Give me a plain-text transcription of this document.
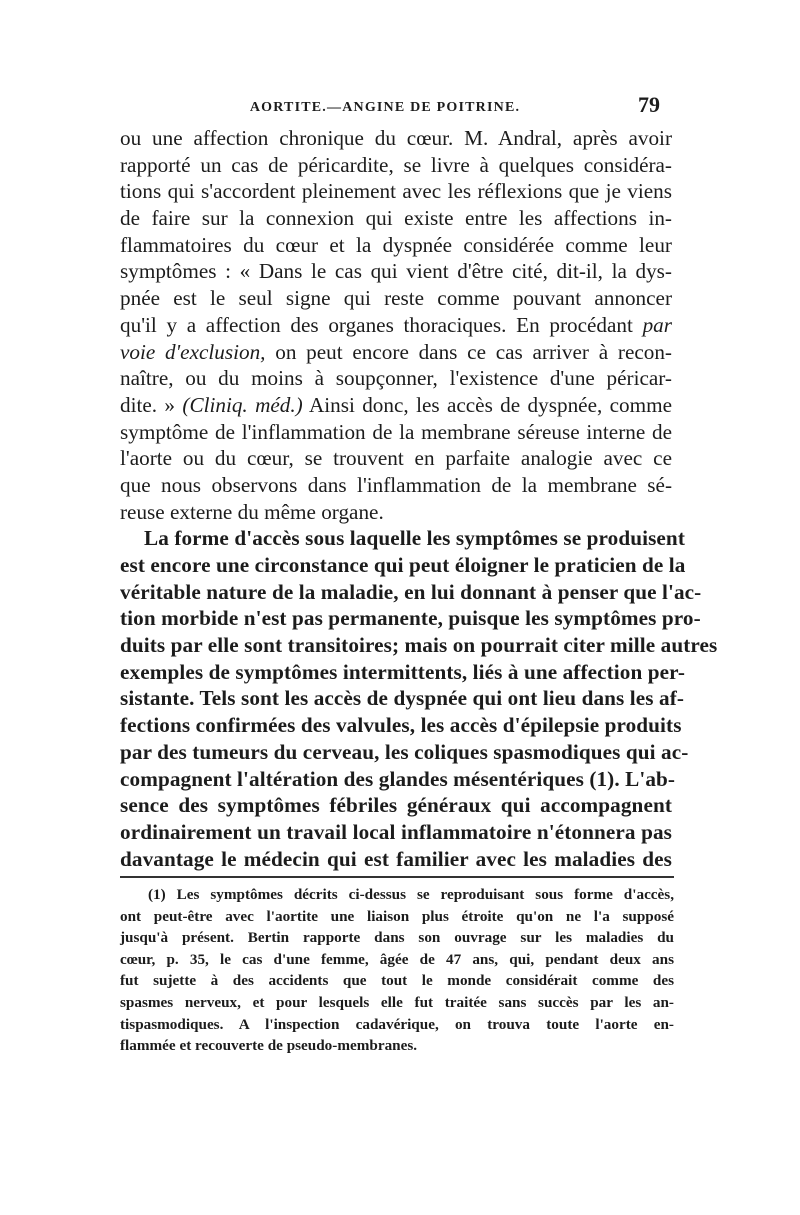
AORTITE.—ANGINE DE POITRINE.	79
ou une affection chronique du cœur. M. Andral, après avoir
rapporté un cas de péricardite, se livre à quelques considéra-
tions qui s'accordent pleinement avec les réflexions que je viens
de faire sur la connexion qui existe entre les affections in-
flammatoires du cœur et la dyspnée considérée comme leur
symptômes : « Dans le cas qui vient d'être cité, dit-il, la dys-
pnée est le seul signe qui reste comme pouvant annoncer
qu'il y a affection des organes thoraciques. En procédant par
voie d'exclusion, on peut encore dans ce cas arriver à recon-
naître, ou du moins à soupçonner, l'existence d'une péricar-
dite. » (Cliniq. méd.) Ainsi donc, les accès de dyspnée, comme
symptôme de l'inflammation de la membrane séreuse interne de
l'aorte ou du cœur, se trouvent en parfaite analogie avec ce
que nous observons dans l'inflammation de la membrane sé-
reuse externe du même organe.
La forme d'accès sous laquelle les symptômes se produisent
est encore une circonstance qui peut éloigner le praticien de la
véritable nature de la maladie, en lui donnant à penser que l'ac-
tion morbide n'est pas permanente, puisque les symptômes pro-
duits par elle sont transitoires; mais on pourrait citer mille autres
exemples de symptômes intermittents, liés à une affection per-
sistante. Tels sont les accès de dyspnée qui ont lieu dans les af-
fections confirmées des valvules, les accès d'épilepsie produits
par des tumeurs du cerveau, les coliques spasmodiques qui ac-
compagnent l'altération des glandes mésentériques (1). L'ab-
sence des symptômes fébriles généraux qui accompagnent
ordinairement un travail local inflammatoire n'étonnera pas
davantage le médecin qui est familier avec les maladies des
(1) Les symptômes décrits ci-dessus se reproduisant sous forme d'accès,
ont peut-être avec l'aortite une liaison plus étroite qu'on ne l'a supposé
jusqu'à présent. Bertin rapporte dans son ouvrage sur les maladies du
cœur, p. 35, le cas d'une femme, âgée de 47 ans, qui, pendant deux ans
fut sujette à des accidents que tout le monde considérait comme des
spasmes nerveux, et pour lesquels elle fut traitée sans succès par les an-
tispasmodiques. A l'inspection cadavérique, on trouva toute l'aorte en-
flammée et recouverte de pseudo-membranes.
